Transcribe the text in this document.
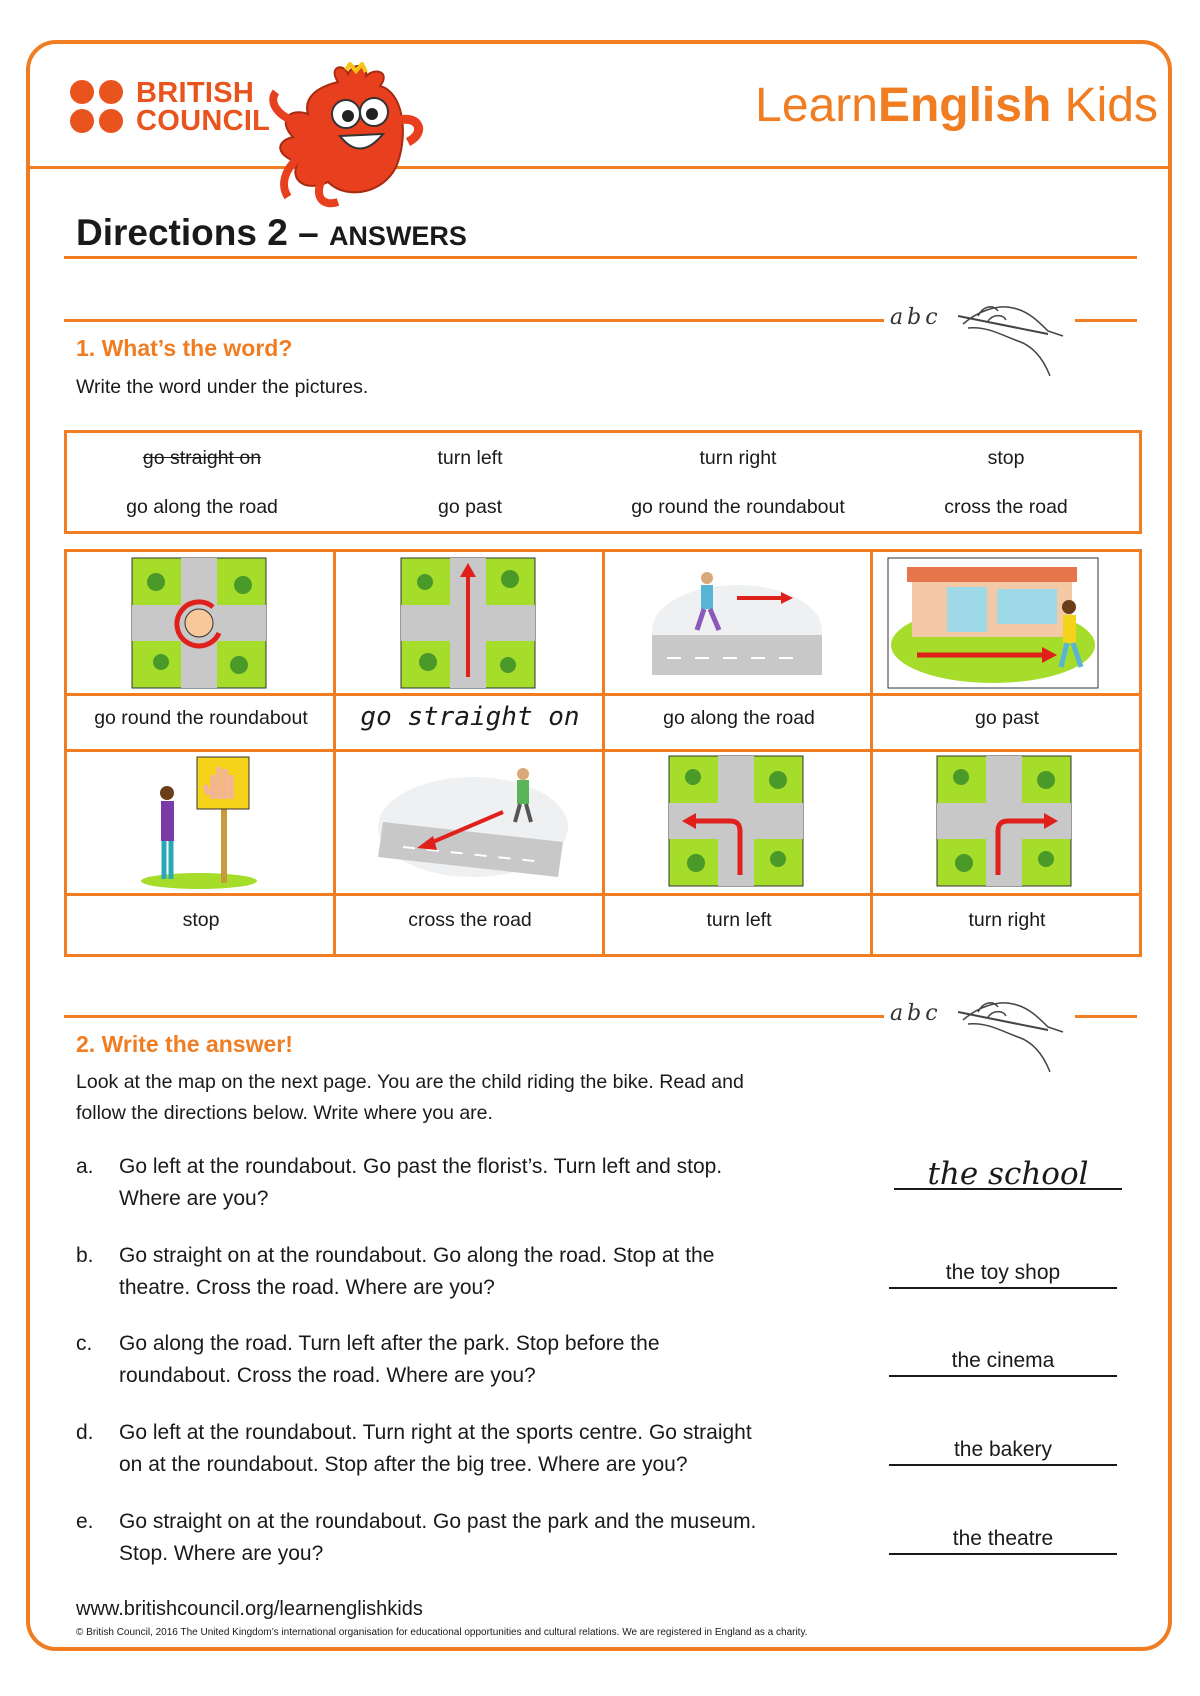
BRITISH
COUNCIL	LearnEnglish Kids
Directions 2 – ANSWERS
abc
1. What’s the word?
Write the word under the pictures.
go straight on	turn left	turn right	stop
go along the road	go past	go round the roundabout	cross the road
go round the roundabout	go straight on	go along the road	go past
stop	cross the road	turn left	turn right
abc
2. Write the answer!
Look at the map on the next page. You are the child riding the bike. Read and
follow the directions below. Write where you are.
a. Go left at the roundabout. Go past the florist’s. Turn left and stop.
Where are you?
the school
b. Go straight on at the roundabout. Go along the road. Stop at the
theatre. Cross the road. Where are you?
the toy shop
c. Go along the road. Turn left after the park. Stop before the
roundabout. Cross the road. Where are you?
the cinema
d. Go left at the roundabout. Turn right at the sports centre. Go straight
on at the roundabout. Stop after the big tree. Where are you?
the bakery
e. Go straight on at the roundabout. Go past the park and the museum.
Stop. Where are you?
the theatre
www.britishcouncil.org/learnenglishkids
© British Council, 2016 The United Kingdom’s international organisation for educational opportunities and cultural relations. We are registered in England as a charity.
